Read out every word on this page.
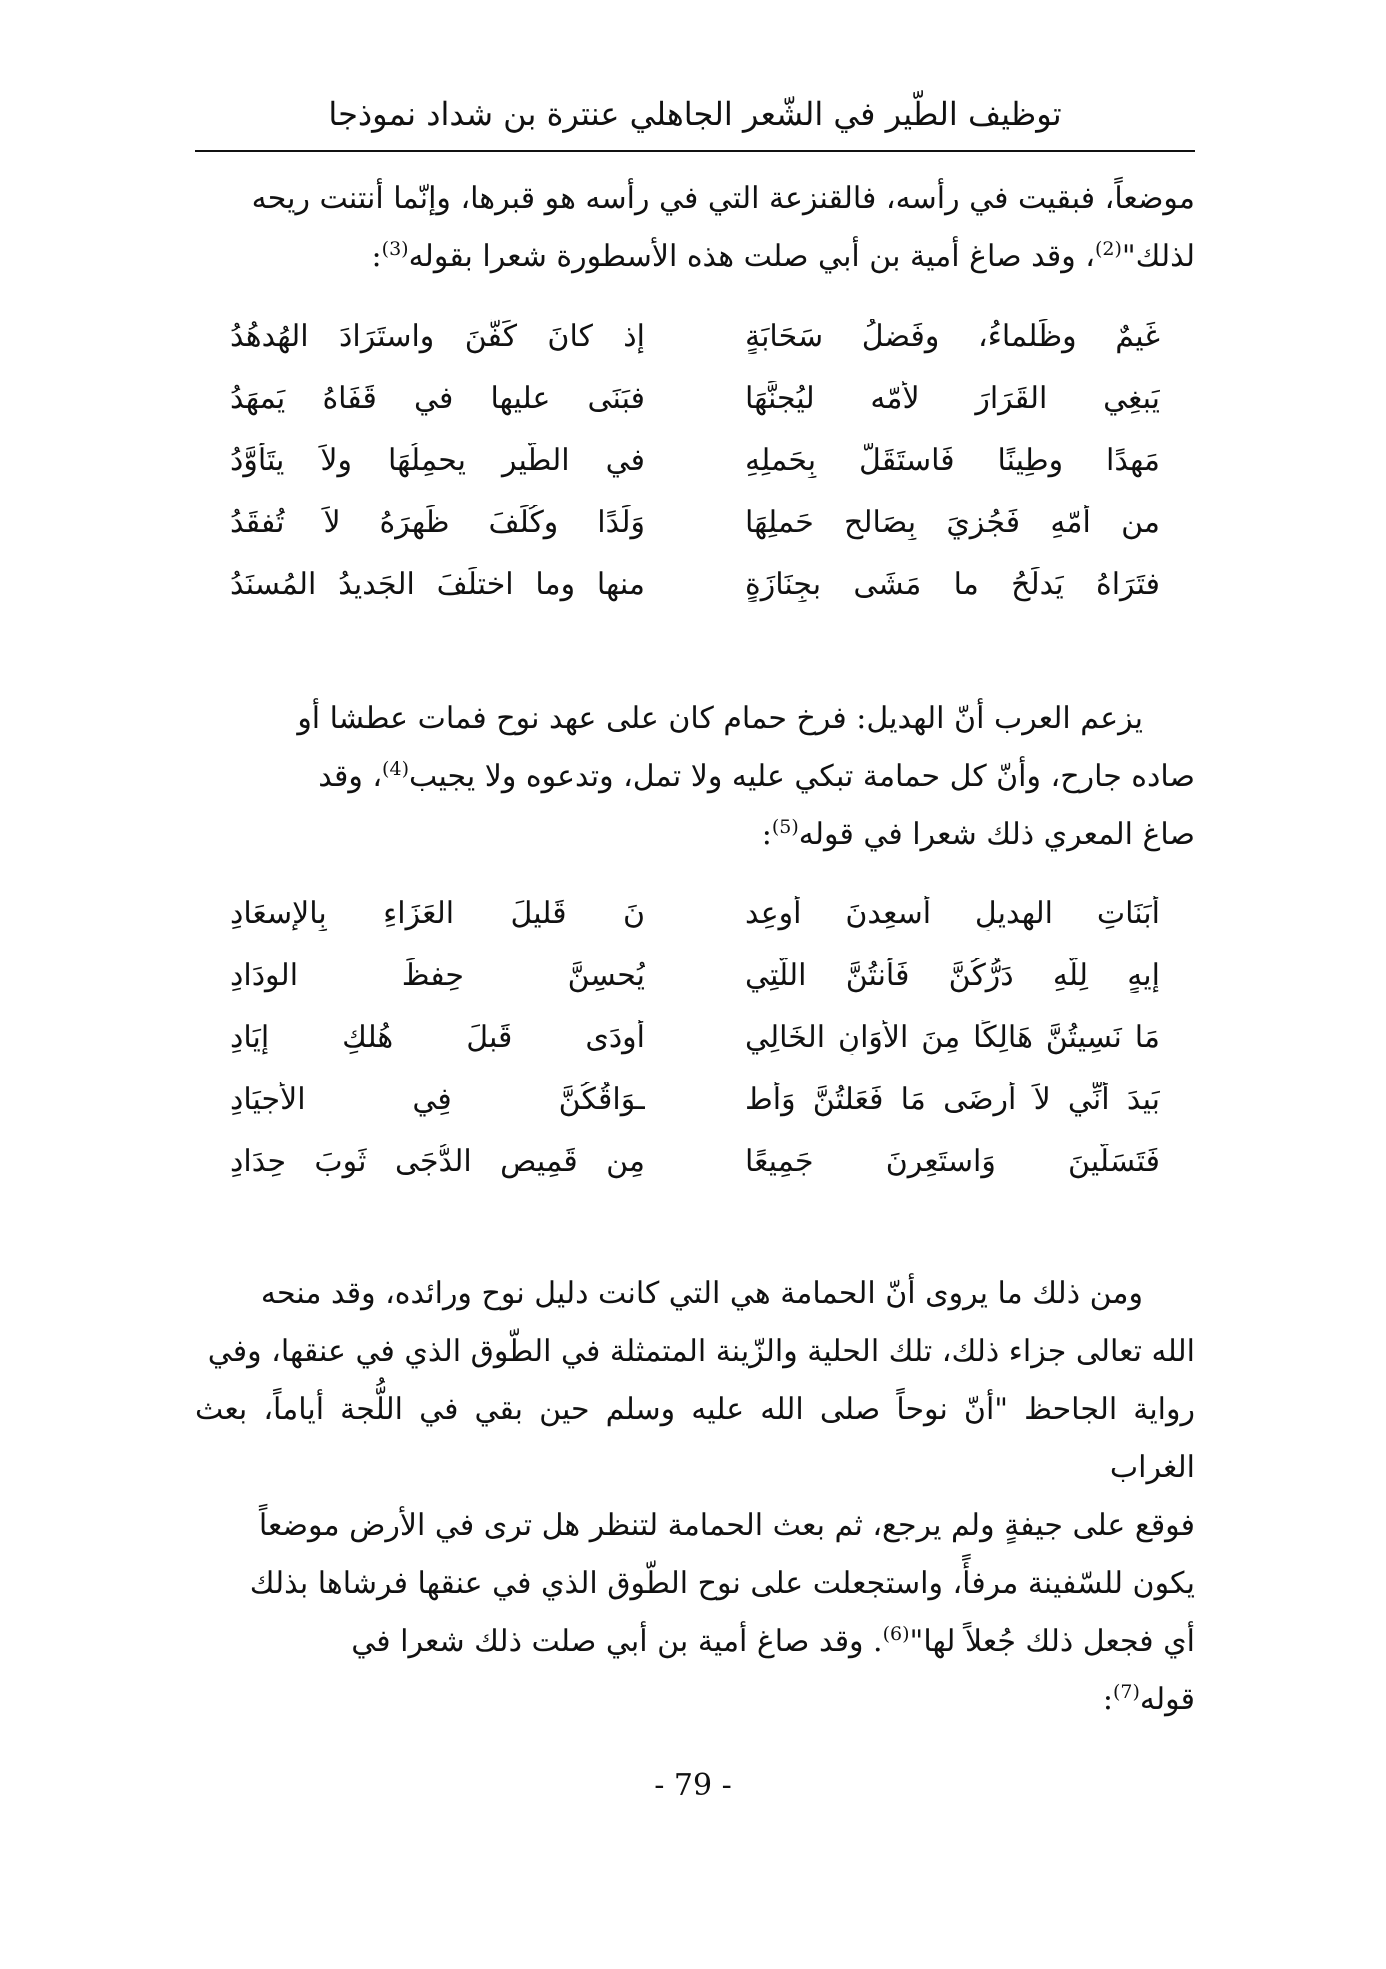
توظيف الطّير في الشّعر الجاهلي عنترة بن شداد نموذجا

موضعاً، فبقيت في رأسه، فالقنزعة التي في رأسه هو قبرها، وإنّما أنتنت ريحه

لذلك"$^{(2)}$، وقد صاغ أمية بن أبي صلت هذه الأسطورة شعرا بقوله$^{(3)}$:

غَيمٌ وظَلماءُ، وفَضلُ سَحَابَةٍ
إذ كانَ كَفَّنَ واستَرَادَ الهُدهُدُ
يَبغِي القَرَارَ لأمّه ليُجنَّهَا
فبَنَى عليها في قَفَاهُ يَمهَدُ
مَهدًا وطِينًا فَاستَقَلَّ بِحَملِهِ
في الطَّيرِ يحمِلُهَا ولاَ يتَأوَّدُ
من أُمّهِ فَجُزِيَ بِصَالحِ حَملِهَا
وَلَدًا وكُلِّفَ ظَهرَهُ لاَ تُفقَدُ
فتَرَاهُ يَدلَحُ ما مَشَى بجِنَازَةٍ
منها وما اختلَفَ الجَديدُ المُسنَدُ

يزعم العرب أنّ الهديل: فرخ حمام كان على عهد نوح فمات عطشا أو

صاده جارح، وأنّ كل حمامة تبكي عليه ولا تمل، وتدعوه ولا يجيب$^{(4)}$، وقد

صاغ المعري ذلك شعرا في قوله$^{(5)}$:

أَبَنَاتِ الهديلِ أَسعِدنَ أَوعِد
نَ قَليلَ العَزَاءِ بِالإِسعَادِ
إِيهٍ لِلَّهِ دَرُّكُنَّ فَأَنتُنَّ اللَّتِي
يُحسِنَّ حِفظَ الوِدَادِ
مَا نَسِيتُنَّ هَالِكًا مِنَ الأَوَانِ الخَالِي
أُودَى قَبلَ هُلكِ إِيَادِ
بَيدَ أَنِّي لاَ أَرضَى مَا فَعَلتُنَّ وَأَط
ـوَاقُكُنَّ فِي الأَجيَادِ
فَتَسَلَّينَ وَاستَعِرنَ جَمِيعًا
مِن قَمِيصِ الدُّجَى ثَوبَ حِدَادِ

ومن ذلك ما يروى أنّ الحمامة هي التي كانت دليل نوح ورائده، وقد منحه

الله تعالى جزاء ذلك، تلك الحلية والزّينة المتمثلة في الطّوق الذي في عنقها، وفي

رواية الجاحظ "أنّ نوحاً صلى الله عليه وسلم حين بقي في اللُّجة أياماً، بعث الغراب

فوقع على جيفةٍ ولم يرجع، ثم بعث الحمامة لتنظر هل ترى في الأرض موضعاً

يكون للسّفينة مرفأً، واستجعلت على نوح الطّوق الذي في عنقها فرشاها بذلك

أي فجعل ذلك جُعلاً لها"$^{(6)}$. وقد صاغ أمية بن أبي صلت ذلك شعرا في

قوله$^{(7)}$:

- 79 -
